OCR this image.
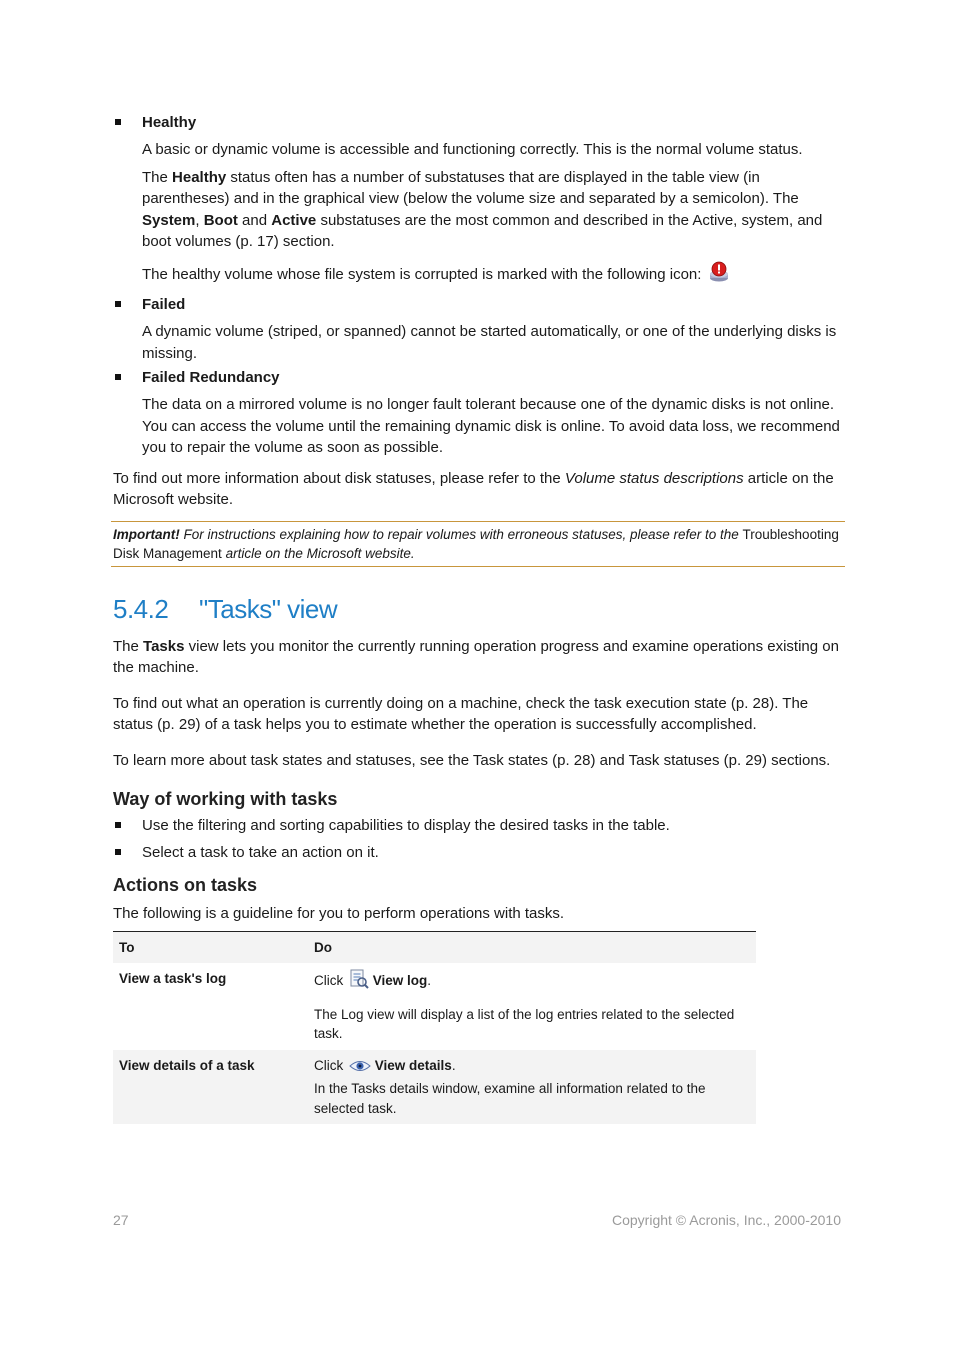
Healthy

A basic or dynamic volume is accessible and functioning correctly. This is the normal volume status.

The Healthy status often has a number of substatuses that are displayed in the table view (in parentheses) and in the graphical view (below the volume size and separated by a semicolon). The System, Boot and Active substatuses are the most common and described in the Active, system, and boot volumes (p. 17) section.

The healthy volume whose file system is corrupted is marked with the following icon:

Failed

A dynamic volume (striped, or spanned) cannot be started automatically, or one of the underlying disks is missing.

Failed Redundancy

The data on a mirrored volume is no longer fault tolerant because one of the dynamic disks is not online. You can access the volume until the remaining dynamic disk is online. To avoid data loss, we recommend you to repair the volume as soon as possible.

To find out more information about disk statuses, please refer to the Volume status descriptions article on the Microsoft website.

Important! For instructions explaining how to repair volumes with erroneous statuses, please refer to the Troubleshooting Disk Management article on the Microsoft website.
5.4.2 "Tasks" view

The Tasks view lets you monitor the currently running operation progress and examine operations existing on the machine.

To find out what an operation is currently doing on a machine, check the task execution state (p. 28). The status (p. 29) of a task helps you to estimate whether the operation is successfully accomplished.

To learn more about task states and statuses, see the Task states (p. 28) and Task statuses (p. 29) sections.

Way of working with tasks

Use the filtering and sorting capabilities to display the desired tasks in the table.

Select a task to take an action on it.

Actions on tasks

The following is a guideline for you to perform operations with tasks.

To	Do
View a task's log	Click View log.
The Log view will display a list of the log entries related to the selected task.

View details of a task	Click View details.
In the Tasks details window, examine all information related to the selected task.
27	Copyright © Acronis, Inc., 2000-2010
